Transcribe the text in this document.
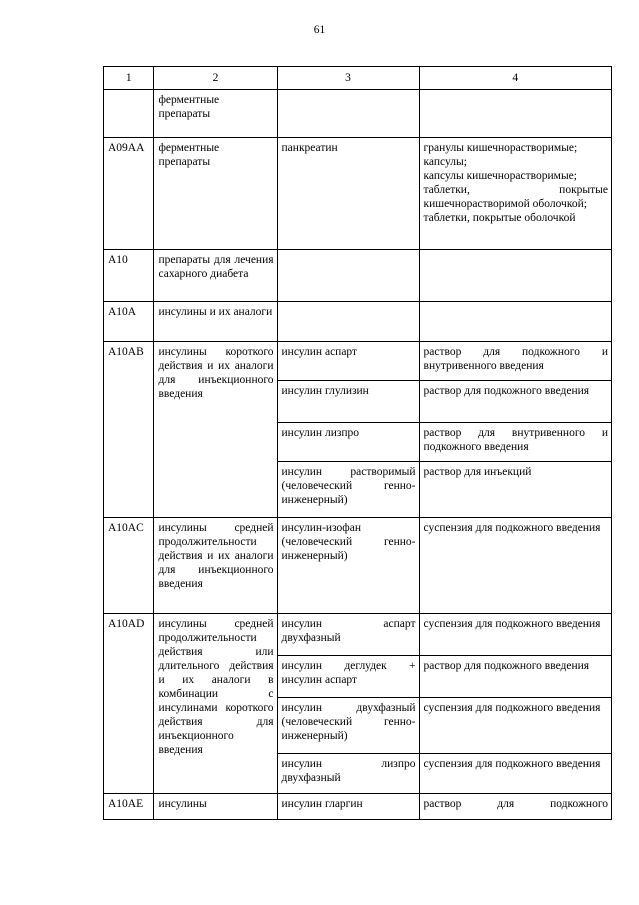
61
1	2	3	4
	ферментные препараты		
A09AA	ферментные препараты	панкреатин	гранулы кишечнорастворимые;
капсулы;
капсулы кишечнорастворимые;
таблетки, покрытые кишечнорастворимой оболочкой;
таблетки, покрытые оболочкой

A10	препараты для лечения сахарного диабета		
A10A	инсулины и их аналоги		
A10AB	инсулины короткого действия и их аналоги для инъекционного введения	инсулин аспарт	раствор для подкожного и внутривенного введения
		инсулин глулизин	раствор для подкожного введения
		инсулин лизпро	раствор для внутривенного и подкожного введения
		инсулин растворимый (человеческий генно-инженерный)	раствор для инъекций
A10AC	инсулины средней продолжительности действия и их аналоги для инъекционного введения	инсулин-изофан (человеческий генно-инженерный)	суспензия для подкожного введения
A10AD	инсулины средней продолжительности действия или длительного действия и их аналоги в комбинации с инсулинами короткого действия для инъекционного введения	инсулин аспарт двухфазный	суспензия для подкожного введения
		инсулин деглудек + инсулин аспарт	раствор для подкожного введения
		инсулин двухфазный (человеческий генно-инженерный)	суспензия для подкожного введения
		инсулин лизпро двухфазный	суспензия для подкожного введения
A10AE	инсулины	инсулин гларгин	раствор для подкожного
